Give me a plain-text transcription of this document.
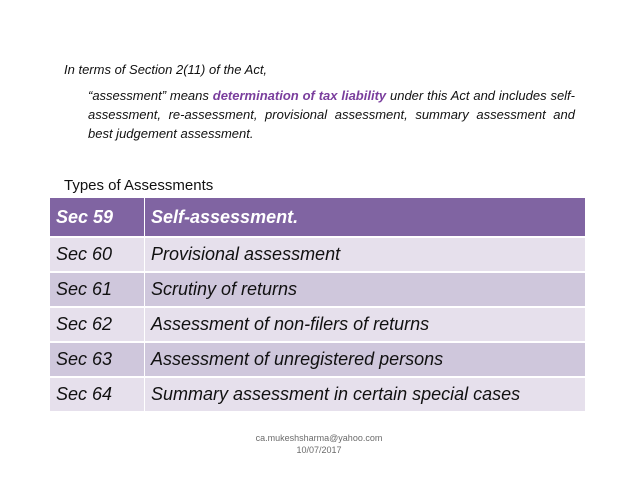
In terms of Section 2(11) of the Act,
“assessment” means determination of tax liability under this Act and includes self-assessment, re-assessment, provisional assessment, summary assessment and best judgement assessment.
Types of Assessments
Sec 59	Self-assessment.
Sec 60	Provisional assessment
Sec 61	Scrutiny of returns
Sec 62	Assessment of non-filers of returns
Sec 63	Assessment of unregistered persons
Sec 64	Summary assessment in certain special cases
ca.mukeshsharma@yahoo.com
10/07/2017
